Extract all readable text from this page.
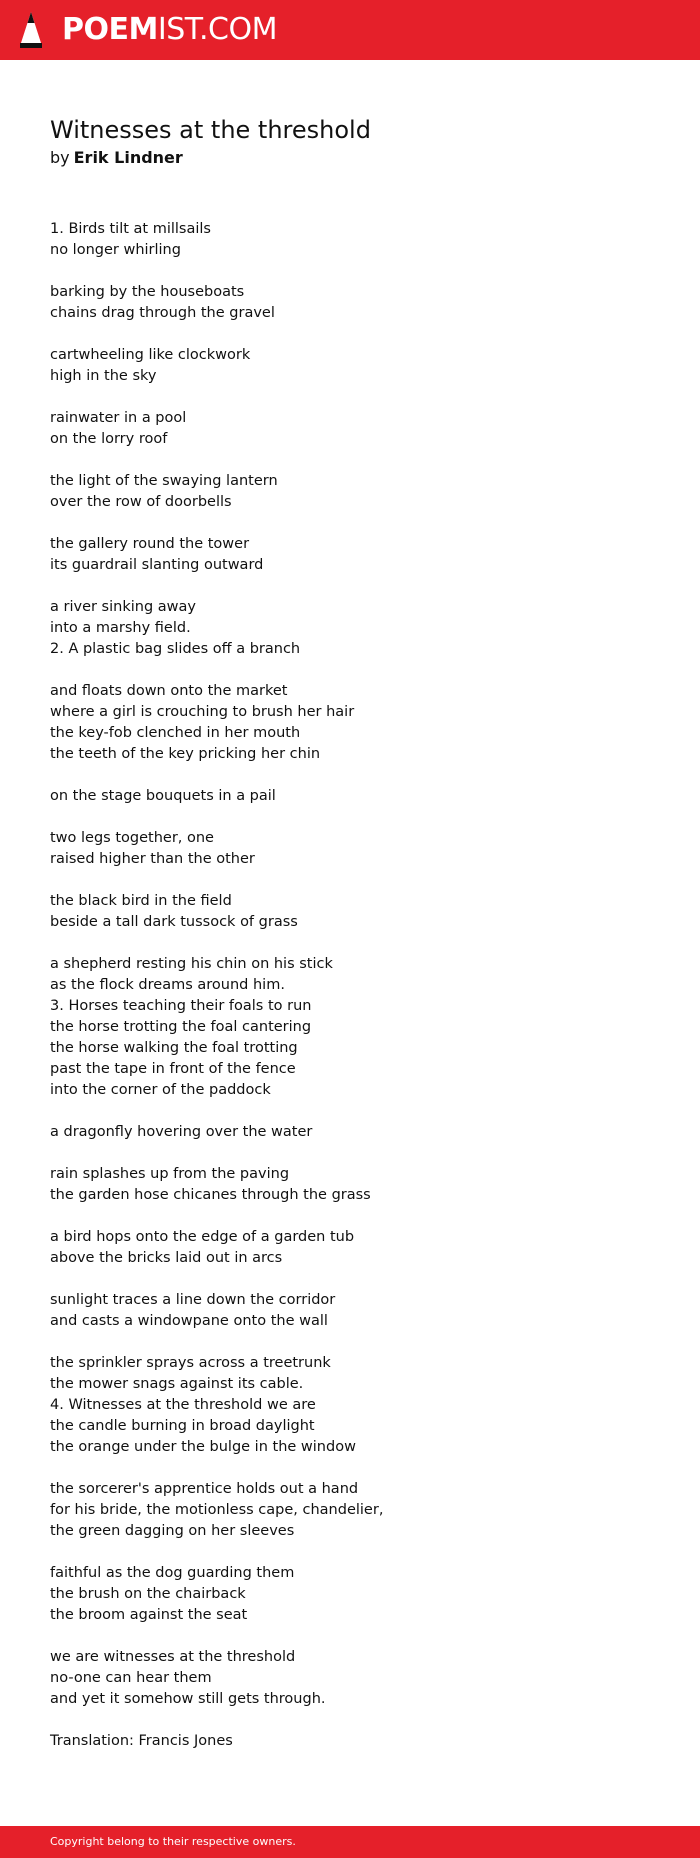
POEMIST.COM
Witnesses at the threshold
by Erik Lindner
1. Birds tilt at millsails
no longer whirling
barking by the houseboats
chains drag through the gravel
cartwheeling like clockwork
high in the sky
rainwater in a pool
on the lorry roof
the light of the swaying lantern
over the row of doorbells
the gallery round the tower
its guardrail slanting outward
a river sinking away
into a marshy field.
2. A plastic bag slides off a branch
and floats down onto the market
where a girl is crouching to brush her hair
the key-fob clenched in her mouth
the teeth of the key pricking her chin
on the stage bouquets in a pail
two legs together, one
raised higher than the other
the black bird in the field
beside a tall dark tussock of grass
a shepherd resting his chin on his stick
as the flock dreams around him.
3. Horses teaching their foals to run
the horse trotting the foal cantering
the horse walking the foal trotting
past the tape in front of the fence
into the corner of the paddock
a dragonfly hovering over the water
rain splashes up from the paving
the garden hose chicanes through the grass
a bird hops onto the edge of a garden tub
above the bricks laid out in arcs
sunlight traces a line down the corridor
and casts a windowpane onto the wall
the sprinkler sprays across a treetrunk
the mower snags against its cable.
4. Witnesses at the threshold we are
the candle burning in broad daylight
the orange under the bulge in the window
the sorcerer's apprentice holds out a hand
for his bride, the motionless cape, chandelier,
the green dagging on her sleeves
faithful as the dog guarding them
the brush on the chairback
the broom against the seat
we are witnesses at the threshold
no-one can hear them
and yet it somehow still gets through.
Translation: Francis Jones
Copyright belong to their respective owners.
